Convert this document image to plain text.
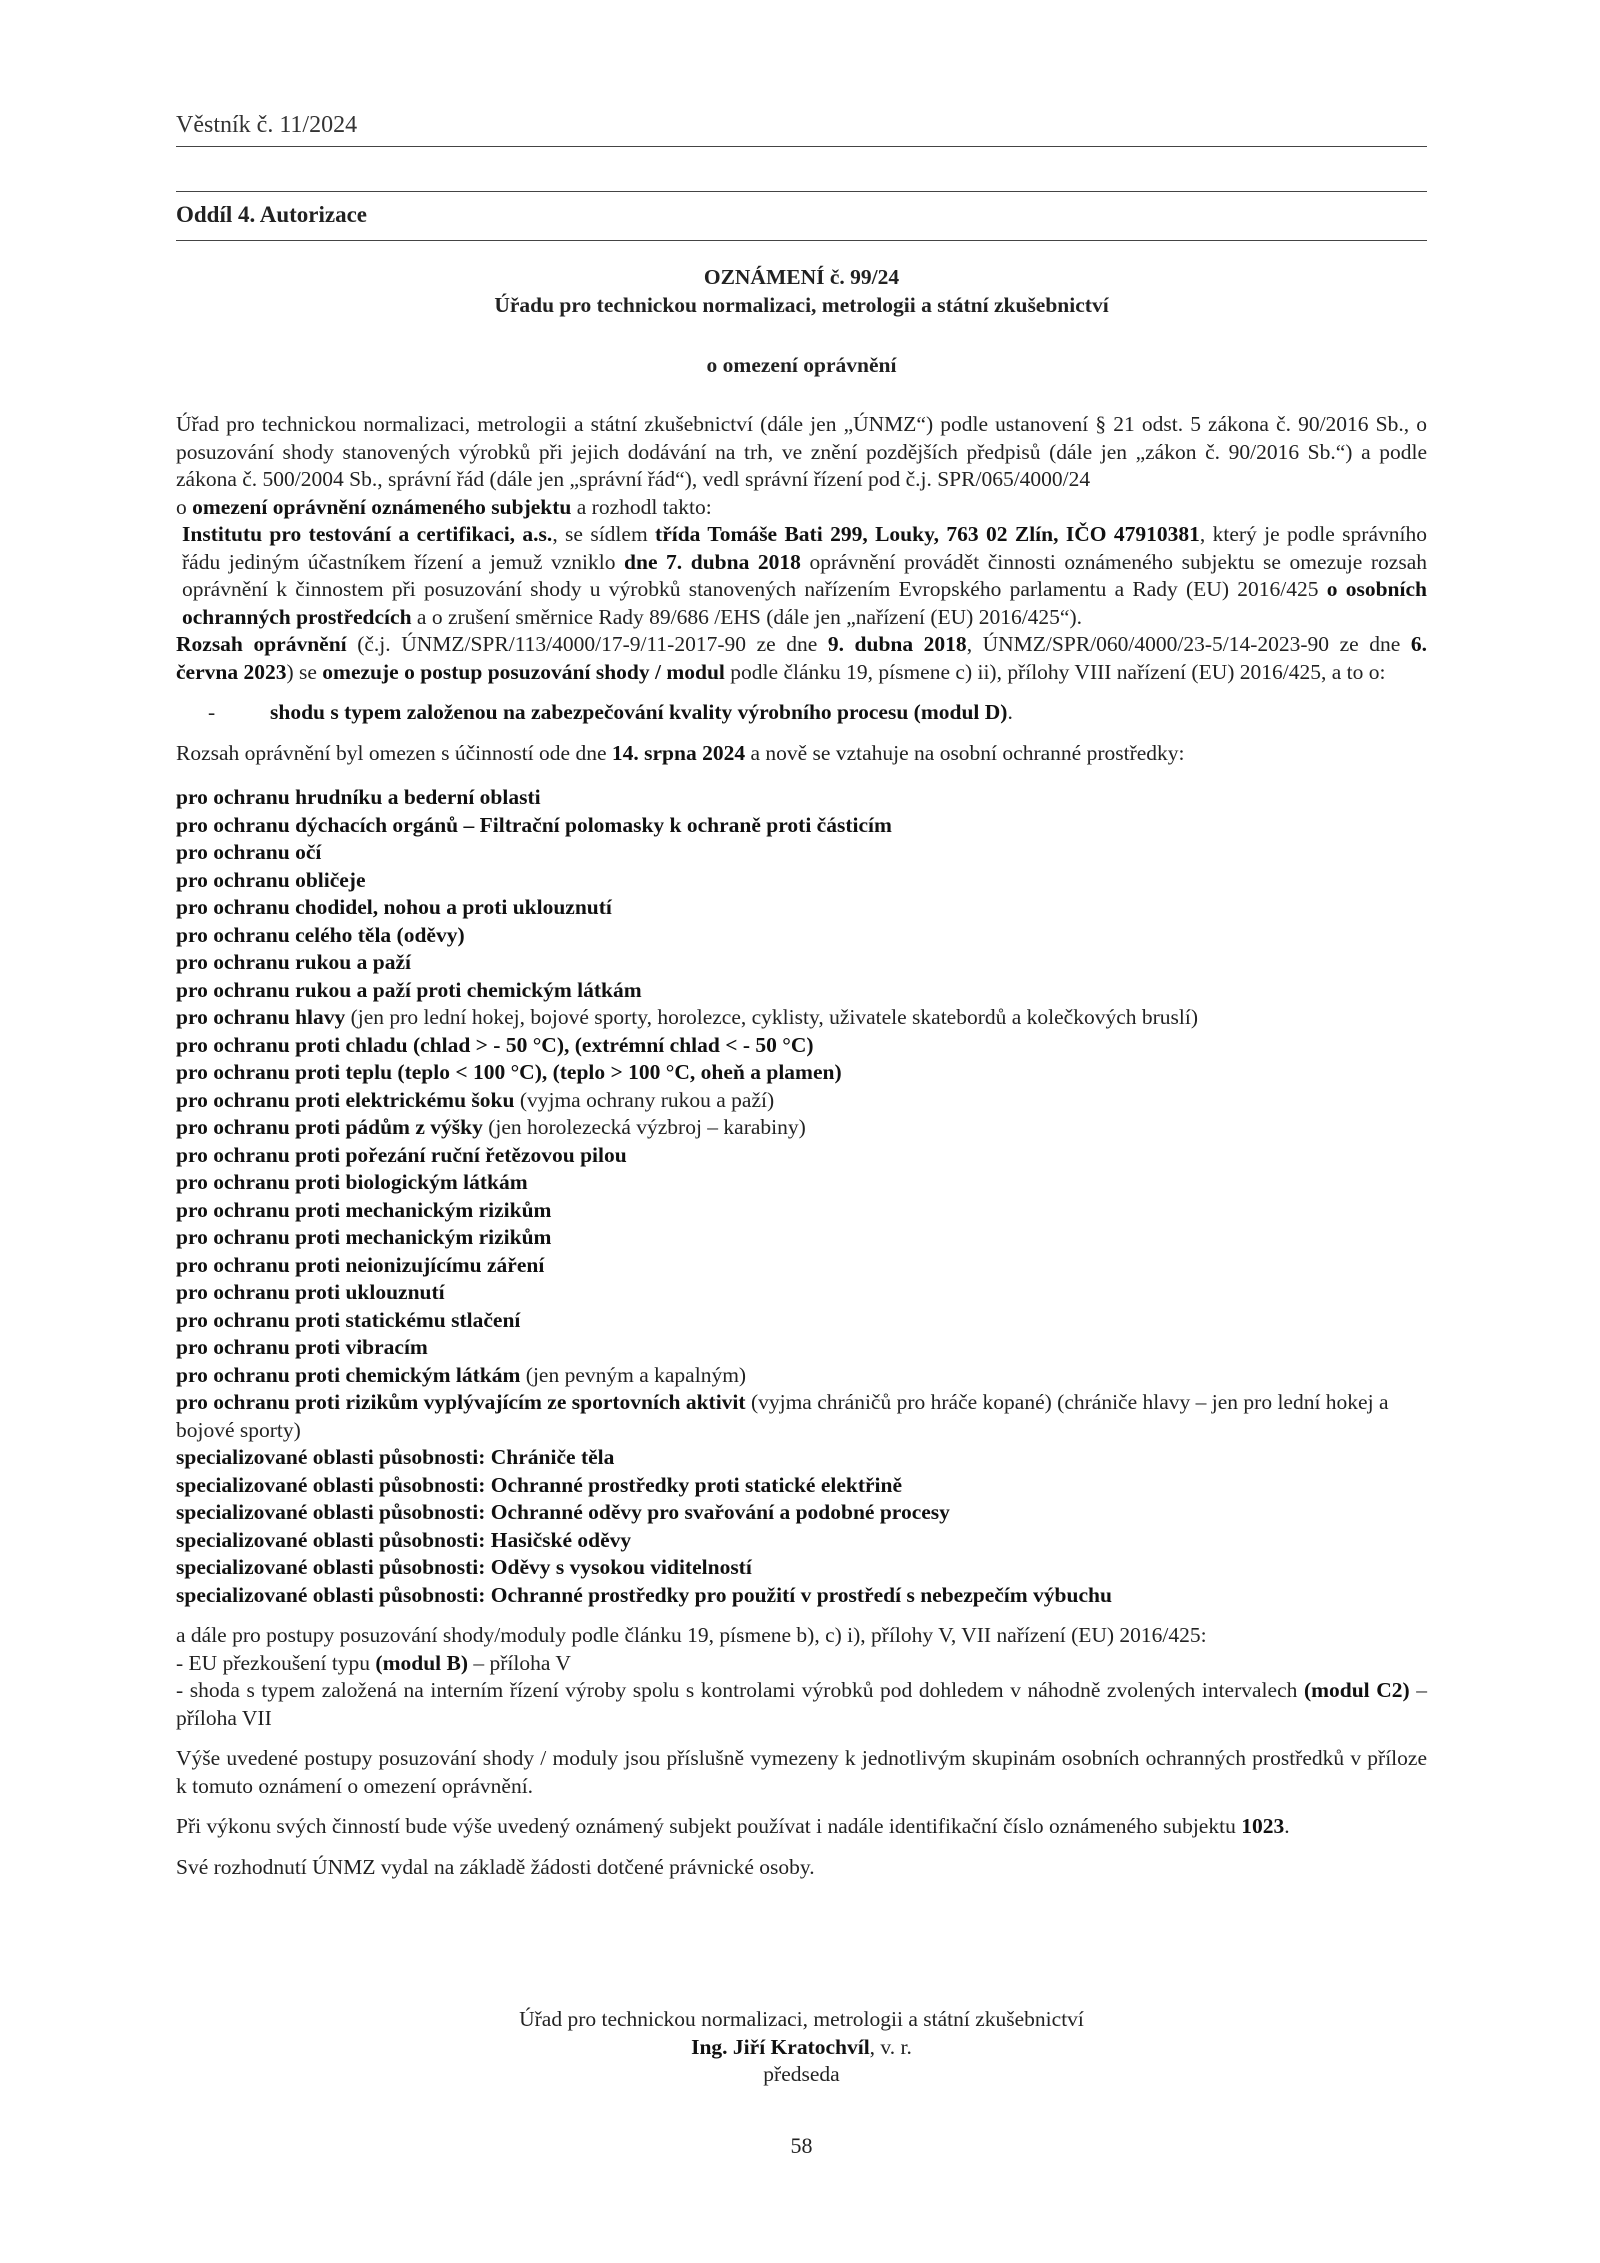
Věstník č. 11/2024
Oddíl 4. Autorizace
OZNÁMENÍ č. 99/24
Úřadu pro technickou normalizaci, metrologii a státní zkušebnictví
o omezení oprávnění

Úřad pro technickou normalizaci, metrologii a státní zkušebnictví (dále jen „ÚNMZ“) podle ustanovení § 21 odst. 5 zákona č. 90/2016 Sb., o posuzování shody stanovených výrobků při jejich dodávání na trh, ve znění pozdějších předpisů (dále jen „zákon č. 90/2016 Sb.“) a podle zákona č. 500/2004 Sb., správní řád (dále jen „správní řád“), vedl správní řízení pod č.j. SPR/065/4000/24
o omezení oprávnění oznámeného subjektu a rozhodl takto:

Institutu pro testování a certifikaci, a.s., se sídlem třída Tomáše Bati 299, Louky, 763 02 Zlín, IČO 47910381, který je podle správního řádu jediným účastníkem řízení a jemuž vzniklo dne 7. dubna 2018 oprávnění provádět činnosti oznámeného subjektu se omezuje rozsah oprávnění k činnostem při posuzování shody u výrobků stanovených nařízením Evropského parlamentu a Rady (EU) 2016/425 o osobních ochranných prostředcích a o zrušení směrnice Rady 89/686 /EHS (dále jen „nařízení (EU) 2016/425“).

Rozsah oprávnění (č.j. ÚNMZ/SPR/113/4000/17-9/11-2017-90 ze dne 9. dubna 2018, ÚNMZ/SPR/060/4000/23-5/14-2023-90 ze dne 6. června 2023) se omezuje o postup posuzování shody / modul podle článku 19, písmene c) ii), přílohy VIII nařízení (EU) 2016/425, a to o:

-	shodu s typem založenou na zabezpečování kvality výrobního procesu (modul D).

Rozsah oprávnění byl omezen s účinností ode dne 14. srpna 2024 a nově se vztahuje na osobní ochranné prostředky:

pro ochranu hrudníku a bederní oblasti
pro ochranu dýchacích orgánů – Filtrační polomasky k ochraně proti částicím
pro ochranu očí
pro ochranu obličeje
pro ochranu chodidel, nohou a proti uklouznutí
pro ochranu celého těla (oděvy)
pro ochranu rukou a paží
pro ochranu rukou a paží proti chemickým látkám
pro ochranu hlavy (jen pro lední hokej, bojové sporty, horolezce, cyklisty, uživatele skatebordů a kolečkových bruslí)
pro ochranu proti chladu (chlad > - 50 °C), (extrémní chlad < - 50 °C)
pro ochranu proti teplu (teplo < 100 °C), (teplo > 100 °C, oheň a plamen)
pro ochranu proti elektrickému šoku (vyjma ochrany rukou a paží)
pro ochranu proti pádům z výšky (jen horolezecká výzbroj – karabiny)
pro ochranu proti pořezání ruční řetězovou pilou
pro ochranu proti biologickým látkám
pro ochranu proti mechanickým rizikům
pro ochranu proti mechanickým rizikům
pro ochranu proti neionizujícímu záření
pro ochranu proti uklouznutí
pro ochranu proti statickému stlačení
pro ochranu proti vibracím
pro ochranu proti chemickým látkám (jen pevným a kapalným)
pro ochranu proti rizikům vyplývajícím ze sportovních aktivit (vyjma chráničů pro hráče kopané) (chrániče hlavy – jen pro lední hokej a bojové sporty)
specializované oblasti působnosti: Chrániče těla
specializované oblasti působnosti: Ochranné prostředky proti statické elektřině
specializované oblasti působnosti: Ochranné oděvy pro svařování a podobné procesy
specializované oblasti působnosti: Hasičské oděvy
specializované oblasti působnosti: Oděvy s vysokou viditelností
specializované oblasti působnosti: Ochranné prostředky pro použití v prostředí s nebezpečím výbuchu

a dále pro postupy posuzování shody/moduly podle článku 19, písmene b), c) i), přílohy V, VII nařízení (EU) 2016/425:

- EU přezkoušení typu (modul B) – příloha V

- shoda s typem založená na interním řízení výroby spolu s kontrolami výrobků pod dohledem v náhodně zvolených intervalech (modul C2) – příloha VII

Výše uvedené postupy posuzování shody / moduly jsou příslušně vymezeny k jednotlivým skupinám osobních ochranných prostředků v příloze k tomuto oznámení o omezení oprávnění.

Při výkonu svých činností bude výše uvedený oznámený subjekt používat i nadále identifikační číslo oznámeného subjektu 1023.

Své rozhodnutí ÚNMZ vydal na základě žádosti dotčené právnické osoby.

Úřad pro technickou normalizaci, metrologii a státní zkušebnictví
Ing. Jiří Kratochvíl, v. r.
předseda
58
